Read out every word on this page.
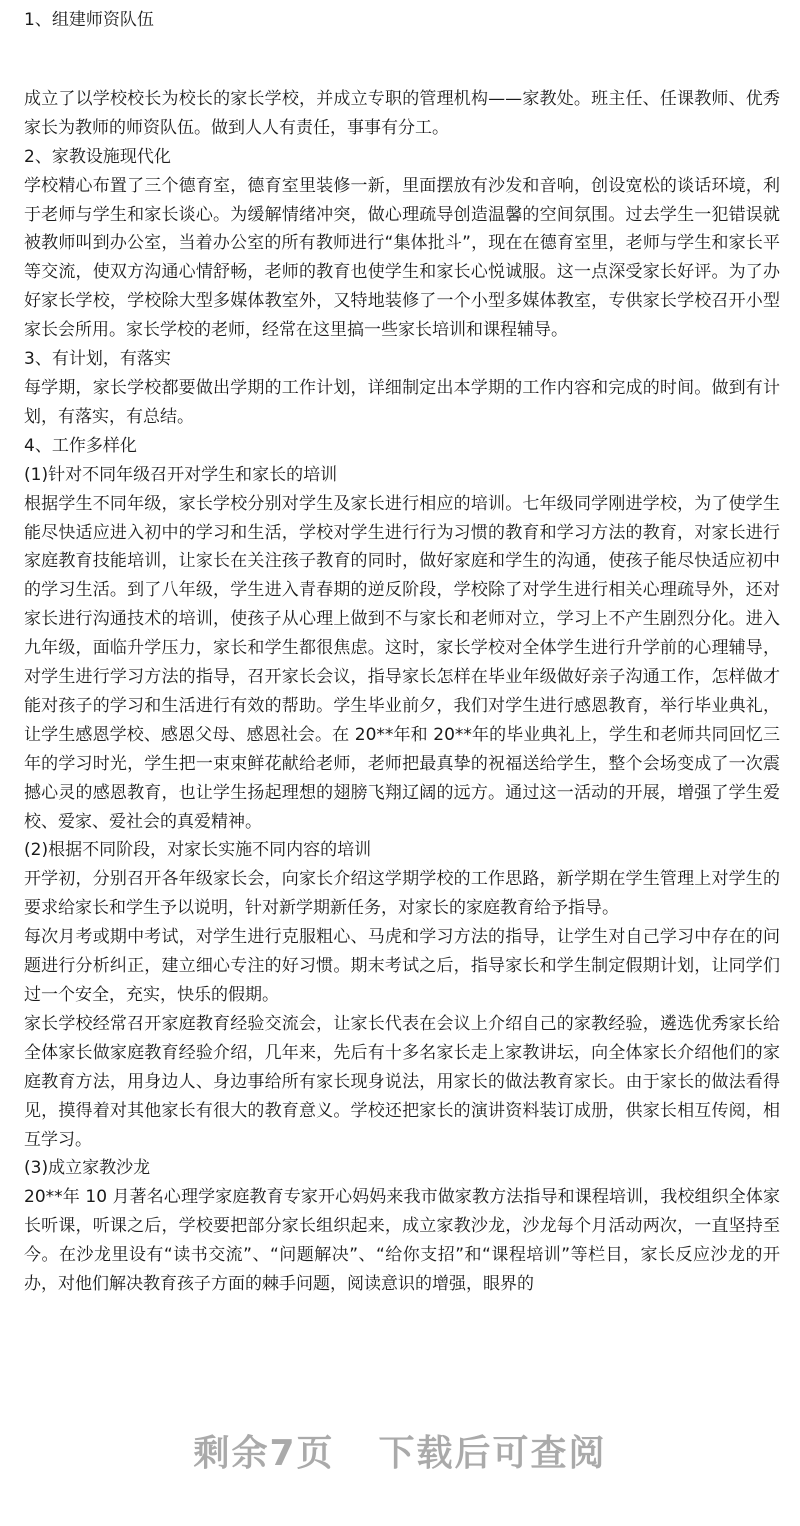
1、组建师资队伍

成立了以学校校长为校长的家长学校，并成立专职的管理机构——家教处。班主任、任课教师、优秀家长为教师的师资队伍。做到人人有责任，事事有分工。

2、家教设施现代化

学校精心布置了三个德育室，德育室里装修一新，里面摆放有沙发和音响，创设宽松的谈话环境，利于老师与学生和家长谈心。为缓解情绪冲突，做心理疏导创造温馨的空间氛围。过去学生一犯错误就被教师叫到办公室，当着办公室的所有教师进行“集体批斗”，现在在德育室里，老师与学生和家长平等交流，使双方沟通心情舒畅，老师的教育也使学生和家长心悦诚服。这一点深受家长好评。为了办好家长学校，学校除大型多媒体教室外，又特地装修了一个小型多媒体教室，专供家长学校召开小型家长会所用。家长学校的老师，经常在这里搞一些家长培训和课程辅导。

3、有计划，有落实

每学期，家长学校都要做出学期的工作计划，详细制定出本学期的工作内容和完成的时间。做到有计划，有落实，有总结。

4、工作多样化

(1)针对不同年级召开对学生和家长的培训

根据学生不同年级，家长学校分别对学生及家长进行相应的培训。七年级同学刚进学校，为了使学生能尽快适应进入初中的学习和生活，学校对学生进行行为习惯的教育和学习方法的教育，对家长进行家庭教育技能培训，让家长在关注孩子教育的同时，做好家庭和学生的沟通，使孩子能尽快适应初中的学习生活。到了八年级，学生进入青春期的逆反阶段，学校除了对学生进行相关心理疏导外，还对家长进行沟通技术的培训，使孩子从心理上做到不与家长和老师对立，学习上不产生剧烈分化。进入九年级，面临升学压力，家长和学生都很焦虑。这时，家长学校对全体学生进行升学前的心理辅导，对学生进行学习方法的指导，召开家长会议，指导家长怎样在毕业年级做好亲子沟通工作，怎样做才能对孩子的学习和生活进行有效的帮助。学生毕业前夕，我们对学生进行感恩教育，举行毕业典礼，让学生感恩学校、感恩父母、感恩社会。在 20**年和 20**年的毕业典礼上，学生和老师共同回忆三年的学习时光，学生把一束束鲜花献给老师，老师把最真挚的祝福送给学生，整个会场变成了一次震撼心灵的感恩教育，也让学生扬起理想的翅膀飞翔辽阔的远方。通过这一活动的开展，增强了学生爱校、爱家、爱社会的真爱精神。

(2)根据不同阶段，对家长实施不同内容的培训

开学初，分别召开各年级家长会，向家长介绍这学期学校的工作思路，新学期在学生管理上对学生的要求给家长和学生予以说明，针对新学期新任务，对家长的家庭教育给予指导。

每次月考或期中考试，对学生进行克服粗心、马虎和学习方法的指导，让学生对自己学习中存在的问题进行分析纠正，建立细心专注的好习惯。期末考试之后，指导家长和学生制定假期计划，让同学们过一个安全，充实，快乐的假期。

家长学校经常召开家庭教育经验交流会，让家长代表在会议上介绍自己的家教经验，遴选优秀家长给全体家长做家庭教育经验介绍，几年来，先后有十多名家长走上家教讲坛，向全体家长介绍他们的家庭教育方法，用身边人、身边事给所有家长现身说法，用家长的做法教育家长。由于家长的做法看得见，摸得着对其他家长有很大的教育意义。学校还把家长的演讲资料装订成册，供家长相互传阅，相互学习。

(3)成立家教沙龙

20**年 10 月著名心理学家庭教育专家开心妈妈来我市做家教方法指导和课程培训，我校组织全体家长听课，听课之后，学校要把部分家长组织起来，成立家教沙龙，沙龙每个月活动两次，一直坚持至今。在沙龙里设有“读书交流”、“问题解决”、“给你支招”和“课程培训”等栏目，家长反应沙龙的开办，对他们解决教育孩子方面的棘手问题，阅读意识的增强，眼界的

剩余7页 下载后可查阅
